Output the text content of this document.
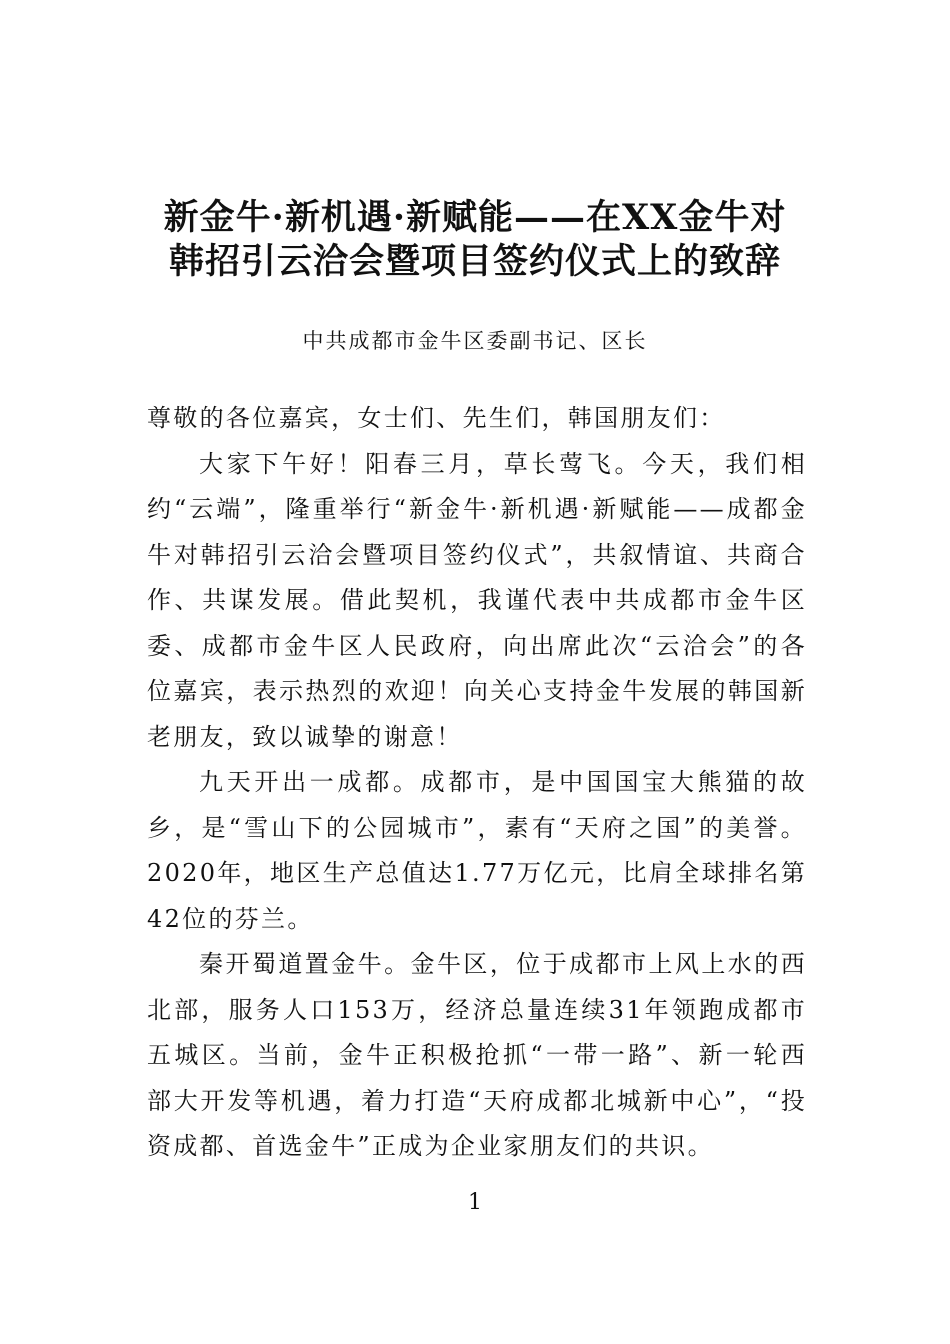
新金牛·新机遇·新赋能——在XX金牛对
韩招引云洽会暨项目签约仪式上的致辞
中共成都市金牛区委副书记、区长

尊敬的各位嘉宾，女士们、先生们，韩国朋友们：

大家下午好！阳春三月，草长莺飞。今天，我们相约“云端”，隆重举行“新金牛·新机遇·新赋能——成都金牛对韩招引云洽会暨项目签约仪式”，共叙情谊、共商合作、共谋发展。借此契机，我谨代表中共成都市金牛区委、成都市金牛区人民政府，向出席此次“云洽会”的各位嘉宾，表示热烈的欢迎！向关心支持金牛发展的韩国新老朋友，致以诚挚的谢意！

九天开出一成都。成都市，是中国国宝大熊猫的故乡，是“雪山下的公园城市”，素有“天府之国”的美誉。2020年，地区生产总值达1.77万亿元，比肩全球排名第42位的芬兰。

秦开蜀道置金牛。金牛区，位于成都市上风上水的西北部，服务人口153万，经济总量连续31年领跑成都市五城区。当前，金牛正积极抢抓“一带一路”、新一轮西部大开发等机遇，着力打造“天府成都北城新中心”，“投资成都、首选金牛”正成为企业家朋友们的共识。

1
